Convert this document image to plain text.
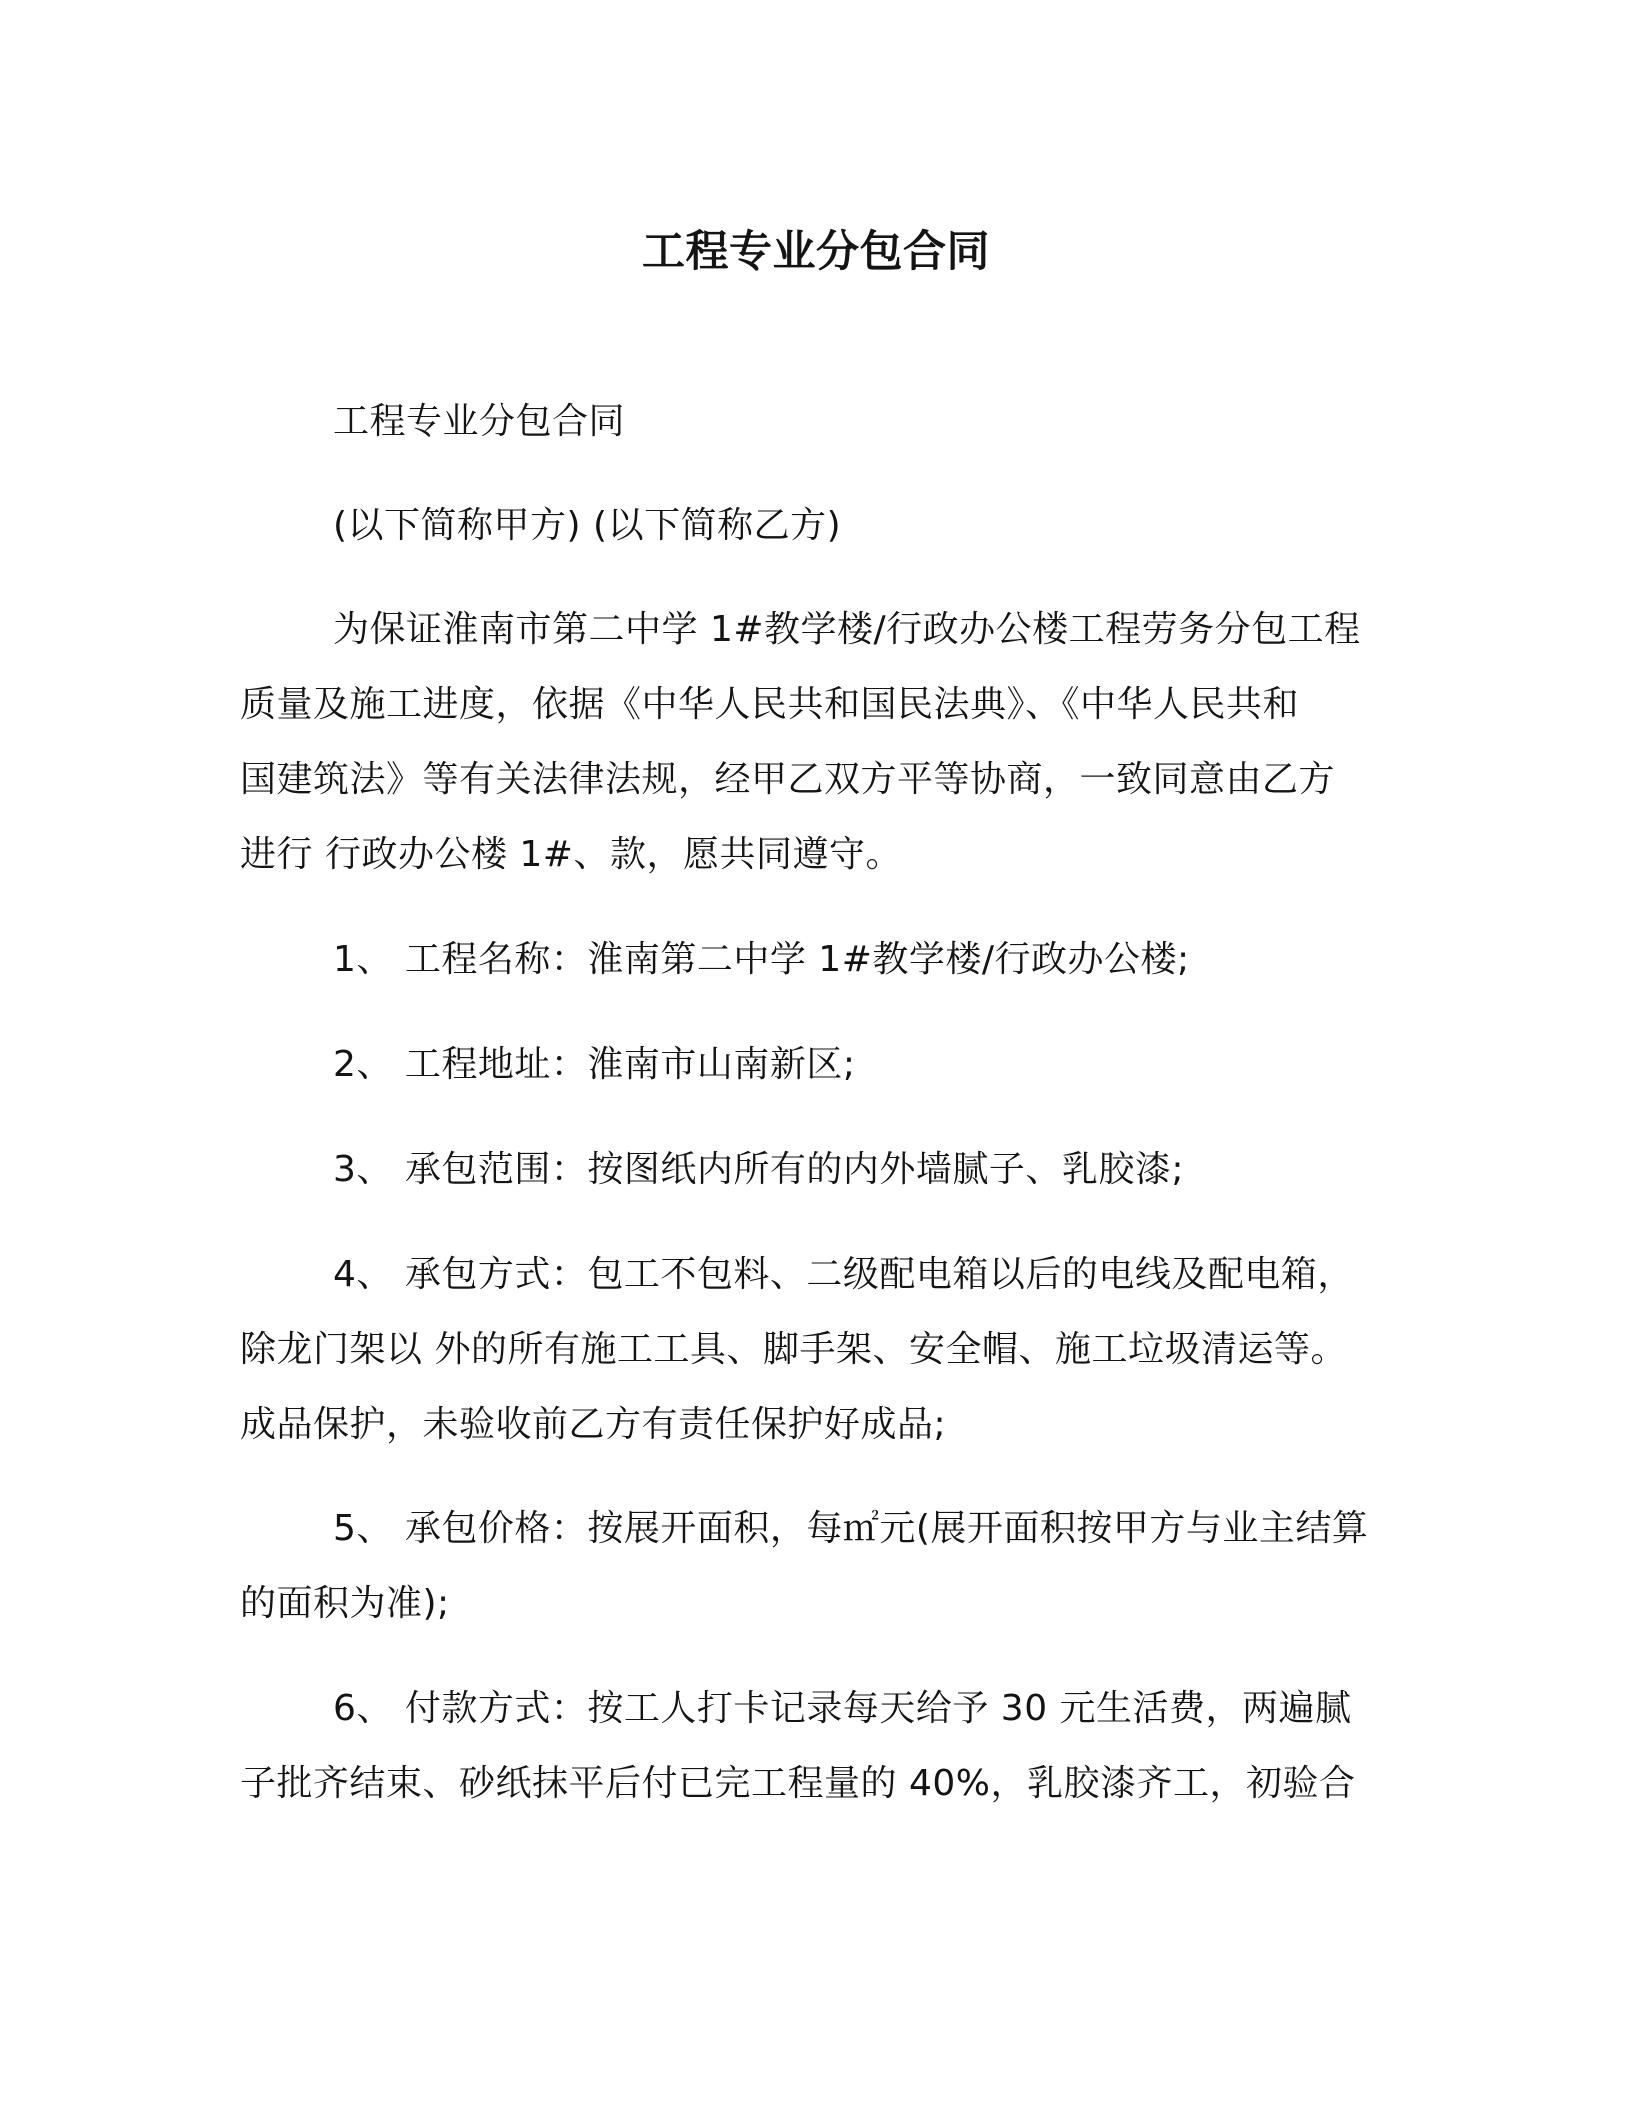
工程专业分包合同
工程专业分包合同
(以下简称甲方) (以下简称乙方)
为保证淮南市第二中学 1#教学楼/行政办公楼工程劳务分包工程
质量及施工进度，依据《中华人民共和国民法典》、《中华人民共和
国建筑法》等有关法律法规，经甲乙双方平等协商，一致同意由乙方
进行 行政办公楼 1#、款，愿共同遵守。
1、 工程名称：淮南第二中学 1#教学楼/行政办公楼;
2、 工程地址：淮南市山南新区;
3、 承包范围：按图纸内所有的内外墙腻子、乳胶漆;
4、 承包方式：包工不包料、二级配电箱以后的电线及配电箱，
除龙门架以 外的所有施工工具、脚手架、安全帽、施工垃圾清运等。
成品保护，未验收前乙方有责任保护好成品;
5、 承包价格：按展开面积，每㎡元(展开面积按甲方与业主结算
的面积为准);
6、 付款方式：按工人打卡记录每天给予 30 元生活费，两遍腻
子批齐结束、砂纸抹平后付已完工程量的 40%，乳胶漆齐工，初验合
